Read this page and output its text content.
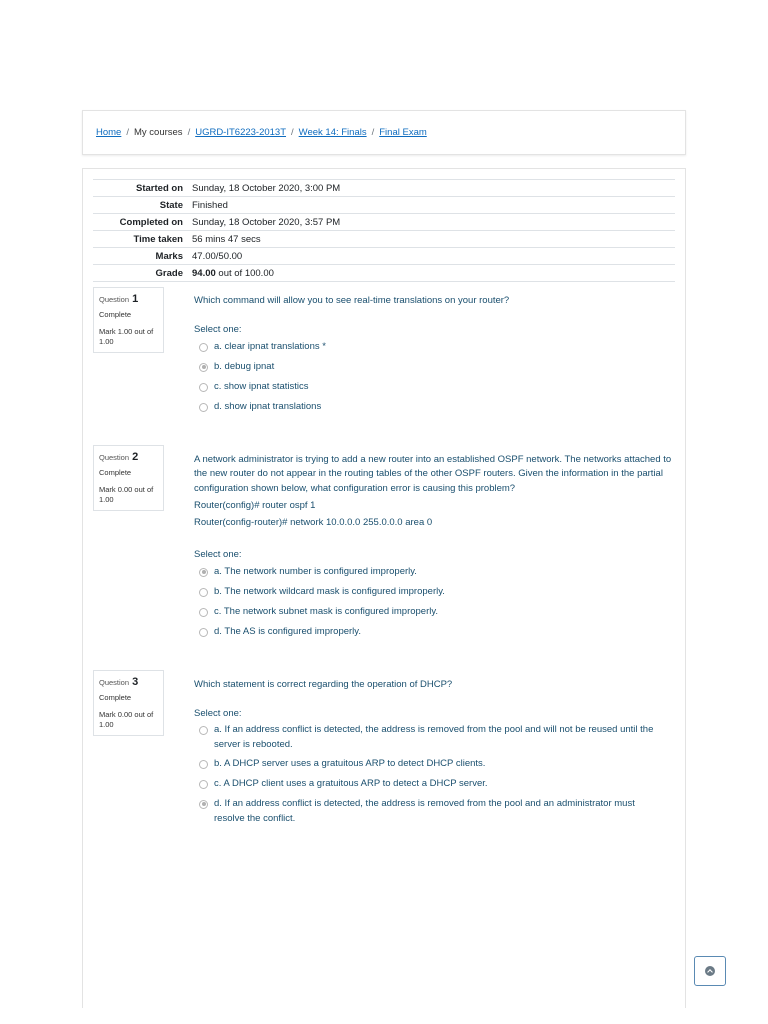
Home / My courses / UGRD-IT6223-2013T / Week 14: Finals / Final Exam
Started on Sunday, 18 October 2020, 3:00 PM
State Finished
Completed on Sunday, 18 October 2020, 3:57 PM
Time taken 56 mins 47 secs
Marks 47.00/50.00
Grade 94.00 out of 100.00
Question 1
Complete
Mark 1.00 out of 1.00

Which command will allow you to see real-time translations on your router?

Select one:
a. clear ipnat translations *
b. debug ipnat
c. show ipnat statistics
d. show ipnat translations
Question 2
Complete
Mark 0.00 out of 1.00

A network administrator is trying to add a new router into an established OSPF network. The networks attached to the new router do not appear in the routing tables of the other OSPF routers. Given the information in the partial configuration shown below, what configuration error is causing this problem?

Router(config)# router ospf 1

Router(config-router)# network 10.0.0.0 255.0.0.0 area 0

Select one:
a. The network number is configured improperly.
b. The network wildcard mask is configured improperly.
c. The network subnet mask is configured improperly.
d. The AS is configured improperly.
Question 3
Complete
Mark 0.00 out of 1.00

Which statement is correct regarding the operation of DHCP?

Select one:
a. If an address conflict is detected, the address is removed from the pool and will not be reused until the server is rebooted.
b. A DHCP server uses a gratuitous ARP to detect DHCP clients.
c. A DHCP client uses a gratuitous ARP to detect a DHCP server.
d. If an address conflict is detected, the address is removed from the pool and an administrator must resolve the conflict.
